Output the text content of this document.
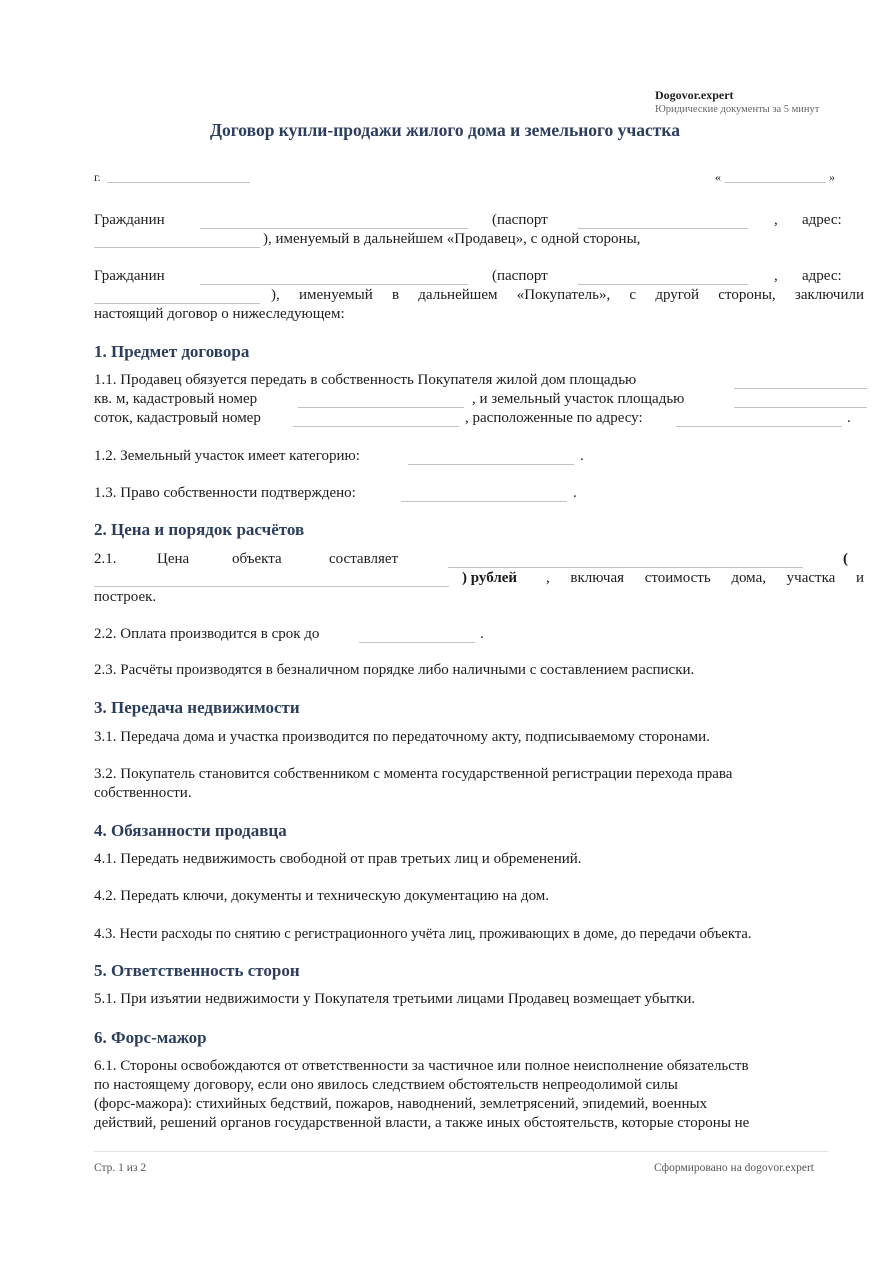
Dogovor.expert
Юридические документы за 5 минут
Договор купли-продажи жилого дома и земельного участка
г.	«	»
Гражданин	(паспорт	, адрес:
), именуемый в дальнейшем «Продавец», с одной стороны,
Гражданин	(паспорт	, адрес:
), именуемый в дальнейшем «Покупатель», с другой стороны, заключили
настоящий договор о нижеследующем:
1. Предмет договора
1.1. Продавец обязуется передать в собственность Покупателя жилой дом площадью
кв. м, кадастровый номер	, и земельный участок площадью
соток, кадастровый номер	, расположенные по адресу:	.
1.2. Земельный участок имеет категорию:	.
1.3. Право собственности подтверждено:	.
2. Цена и порядок расчётов
2.1.	Цена	объекта	составляет	(
) рублей , включая стоимость дома, участка и
построек.
2.2. Оплата производится в срок до	.
2.3. Расчёты производятся в безналичном порядке либо наличными с составлением расписки.
3. Передача недвижимости
3.1. Передача дома и участка производится по передаточному акту, подписываемому сторонами.
3.2. Покупатель становится собственником с момента государственной регистрации перехода права
собственности.
4. Обязанности продавца
4.1. Передать недвижимость свободной от прав третьих лиц и обременений.
4.2. Передать ключи, документы и техническую документацию на дом.
4.3. Нести расходы по снятию с регистрационного учёта лиц, проживающих в доме, до передачи объекта.
5. Ответственность сторон
5.1. При изъятии недвижимости у Покупателя третьими лицами Продавец возмещает убытки.
6. Форс-мажор
6.1. Стороны освобождаются от ответственности за частичное или полное неисполнение обязательств
по настоящему договору, если оно явилось следствием обстоятельств непреодолимой силы
(форс-мажора): стихийных бедствий, пожаров, наводнений, землетрясений, эпидемий, военных
действий, решений органов государственной власти, а также иных обстоятельств, которые стороны не
Стр. 1 из 2	Сформировано на dogovor.expert
